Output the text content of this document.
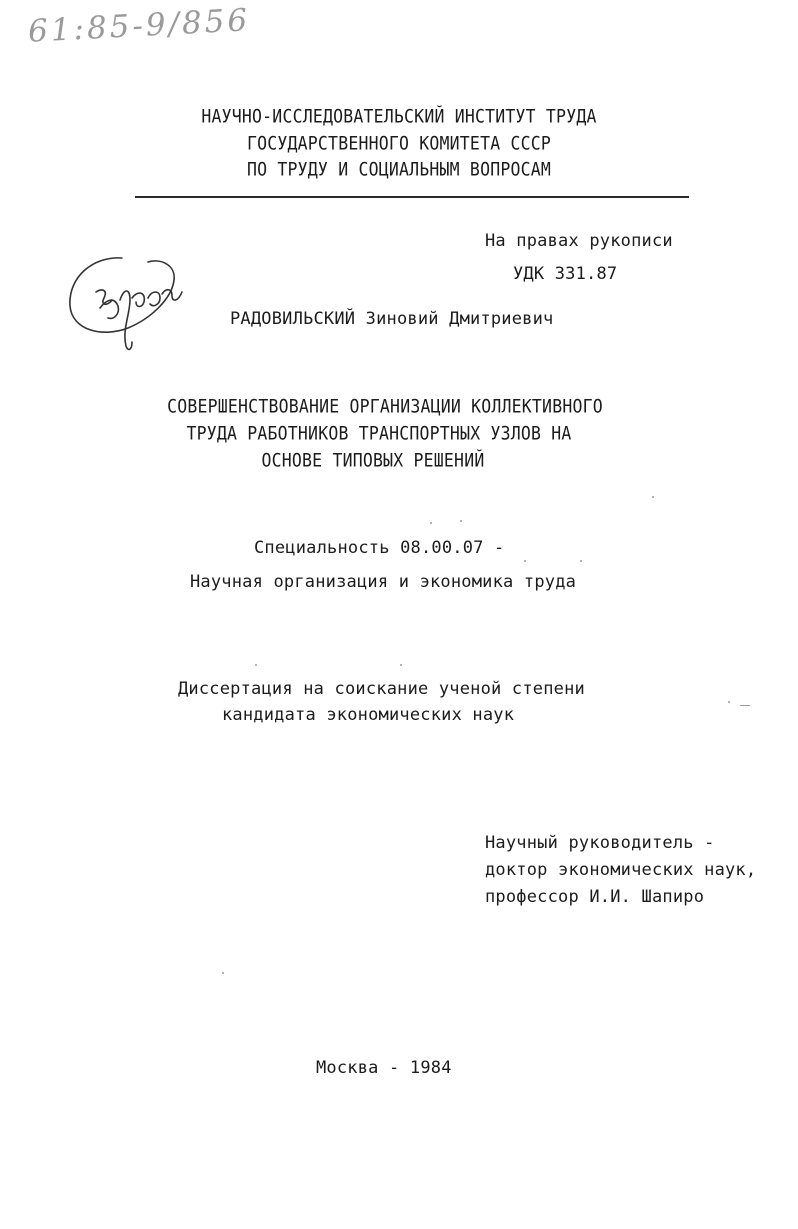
61:85-9/856
НАУЧНО-ИССЛЕДОВАТЕЛЬСКИЙ ИНСТИТУТ ТРУДА
ГОСУДАРСТВЕННОГО КОМИТЕТА СССР
ПО ТРУДУ И СОЦИАЛЬНЫМ ВОПРОСАМ
На правах рукописи
УДК 331.87
РАДОВИЛЬСКИЙ Зиновий Дмитриевич
СОВЕРШЕНСТВОВАНИЕ ОРГАНИЗАЦИИ КОЛЛЕКТИВНОГО
ТРУДА РАБОТНИКОВ ТРАНСПОРТНЫХ УЗЛОВ НА
ОСНОВЕ ТИПОВЫХ РЕШЕНИЙ
Специальность 08.00.07 -
Научная организация и экономика труда
Диссертация на соискание ученой степени
кандидата экономических наук
Научный руководитель -
доктор экономических наук,
профессор И.И. Шапиро
Москва - 1984
